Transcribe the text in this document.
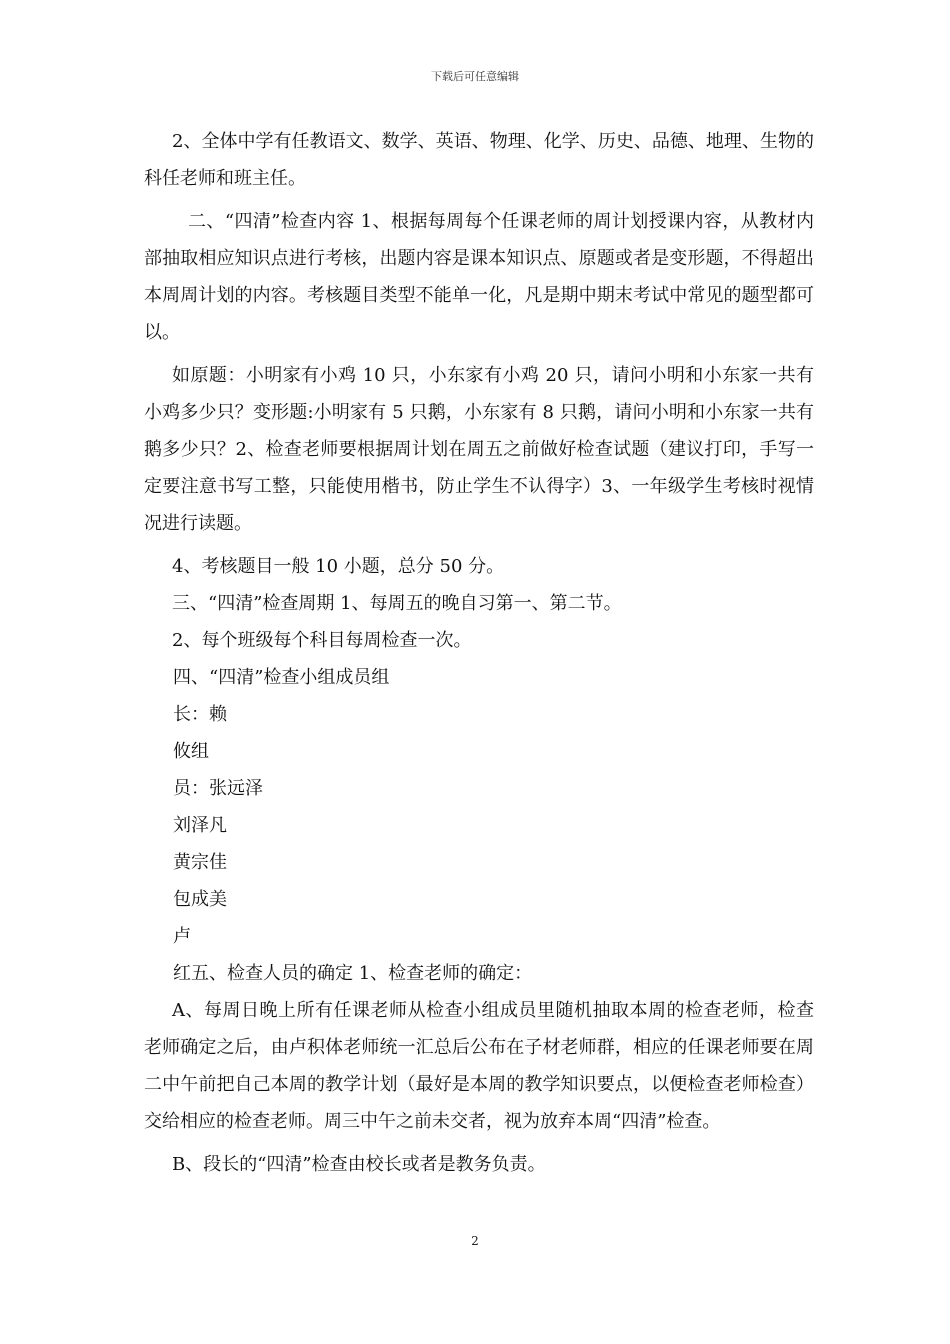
下载后可任意编辑

2、全体中学有任教语文、数学、英语、物理、化学、历史、品德、地理、生物的科任老师和班主任。

二、“四清”检查内容 1、根据每周每个任课老师的周计划授课内容，从教材内部抽取相应知识点进行考核，出题内容是课本知识点、原题或者是变形题，不得超出本周周计划的内容。考核题目类型不能单一化，凡是期中期末考试中常见的题型都可以。

如原题：小明家有小鸡 10 只，小东家有小鸡 20 只，请问小明和小东家一共有小鸡多少只？变形题:小明家有 5 只鹅，小东家有 8 只鹅，请问小明和小东家一共有鹅多少只？2、检查老师要根据周计划在周五之前做好检查试题（建议打印，手写一定要注意书写工整，只能使用楷书，防止学生不认得字）3、一年级学生考核时视情况进行读题。

4、考核题目一般 10 小题，总分 50 分。

三、“四清”检查周期 1、每周五的晚自习第一、第二节。

2、每个班级每个科目每周检查一次。

四、“四清”检查小组成员组

长：赖

攸组

员：张远泽

刘泽凡

黄宗佳

包成美

卢

红五、检查人员的确定 1、检查老师的确定：

A、每周日晚上所有任课老师从检查小组成员里随机抽取本周的检查老师，检查老师确定之后，由卢积体老师统一汇总后公布在子材老师群，相应的任课老师要在周二中午前把自己本周的教学计划（最好是本周的教学知识要点，以便检查老师检查）交给相应的检查老师。周三中午之前未交者，视为放弃本周“四清”检查。

B、段长的“四清”检查由校长或者是教务负责。

2
